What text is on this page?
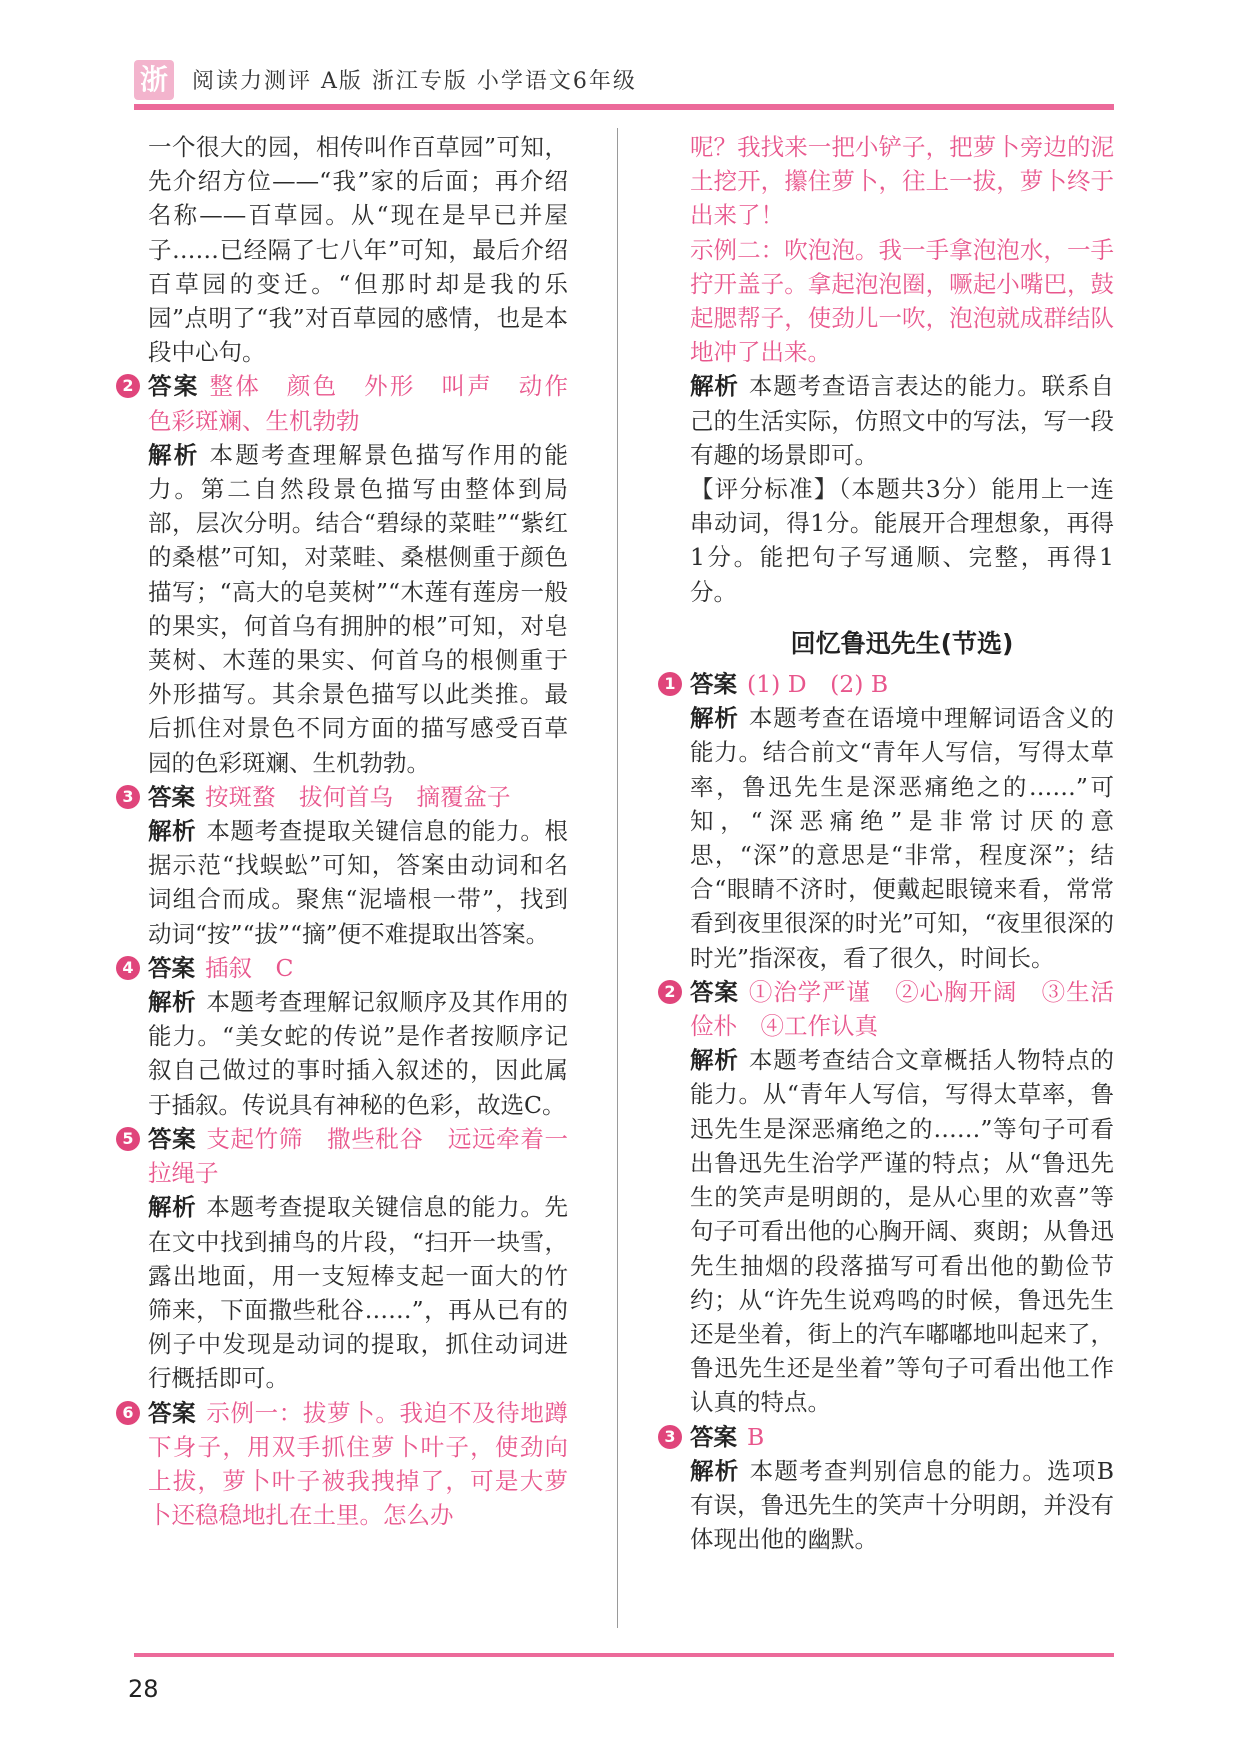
浙 阅读力测评 A版 浙江专版 小学语文6年级

一个很大的园，相传叫作百草园”可知，先介绍方位——“我”家的后面；再介绍名称——百草园。从“现在是早已并屋子……已经隔了七八年”可知，最后介绍百草园的变迁。“但那时却是我的乐园”点明了“我”对百草园的感情，也是本段中心句。

2 答案 整体　颜色　外形　叫声　动作　色彩斑斓、生机勃勃

解析 本题考查理解景色描写作用的能力。第二自然段景色描写由整体到局部，层次分明。结合“碧绿的菜畦”“紫红的桑椹”可知，对菜畦、桑椹侧重于颜色描写；“高大的皂荚树”“木莲有莲房一般的果实，何首乌有拥肿的根”可知，对皂荚树、木莲的果实、何首乌的根侧重于外形描写。其余景色描写以此类推。最后抓住对景色不同方面的描写感受百草园的色彩斑斓、生机勃勃。

3 答案 按斑蝥　拔何首乌　摘覆盆子

解析 本题考查提取关键信息的能力。根据示范“找蜈蚣”可知，答案由动词和名词组合而成。聚焦“泥墙根一带”，找到动词“按”“拔”“摘”便不难提取出答案。

4 答案 插叙　C

解析 本题考查理解记叙顺序及其作用的能力。“美女蛇的传说”是作者按顺序记叙自己做过的事时插入叙述的，因此属于插叙。传说具有神秘的色彩，故选C。

5 答案 支起竹筛　撒些秕谷　远远牵着一拉绳子

解析 本题考查提取关键信息的能力。先在文中找到捕鸟的片段，“扫开一块雪，露出地面，用一支短棒支起一面大的竹筛来，下面撒些秕谷……”，再从已有的例子中发现是动词的提取，抓住动词进行概括即可。

6 答案 示例一：拔萝卜。我迫不及待地蹲下身子，用双手抓住萝卜叶子，使劲向上拔，萝卜叶子被我拽掉了，可是大萝卜还稳稳地扎在土里。怎么办

呢？我找来一把小铲子，把萝卜旁边的泥土挖开，攥住萝卜，往上一拔，萝卜终于出来了！

示例二：吹泡泡。我一手拿泡泡水，一手拧开盖子。拿起泡泡圈，噘起小嘴巴，鼓起腮帮子，使劲儿一吹，泡泡就成群结队地冲了出来。

解析 本题考查语言表达的能力。联系自己的生活实际，仿照文中的写法，写一段有趣的场景即可。

【评分标准】（本题共3分）能用上一连串动词，得1分。能展开合理想象，再得1分。能把句子写通顺、完整，再得1分。

回忆鲁迅先生(节选)
1 答案 (1) D　(2) B

解析 本题考查在语境中理解词语含义的能力。结合前文“青年人写信，写得太草率，鲁迅先生是深恶痛绝之的……”可知，“深恶痛绝”是非常讨厌的意思，“深”的意思是“非常，程度深”；结合“眼睛不济时，便戴起眼镜来看，常常看到夜里很深的时光”可知，“夜里很深的时光”指深夜，看了很久，时间长。

2 答案 ①治学严谨　②心胸开阔　③生活俭朴　④工作认真

解析 本题考查结合文章概括人物特点的能力。从“青年人写信，写得太草率，鲁迅先生是深恶痛绝之的……”等句子可看出鲁迅先生治学严谨的特点；从“鲁迅先生的笑声是明朗的，是从心里的欢喜”等句子可看出他的心胸开阔、爽朗；从鲁迅先生抽烟的段落描写可看出他的勤俭节约；从“许先生说鸡鸣的时候，鲁迅先生还是坐着，街上的汽车嘟嘟地叫起来了，鲁迅先生还是坐着”等句子可看出他工作认真的特点。

3 答案 B

解析 本题考查判别信息的能力。选项B有误，鲁迅先生的笑声十分明朗，并没有体现出他的幽默。

28
